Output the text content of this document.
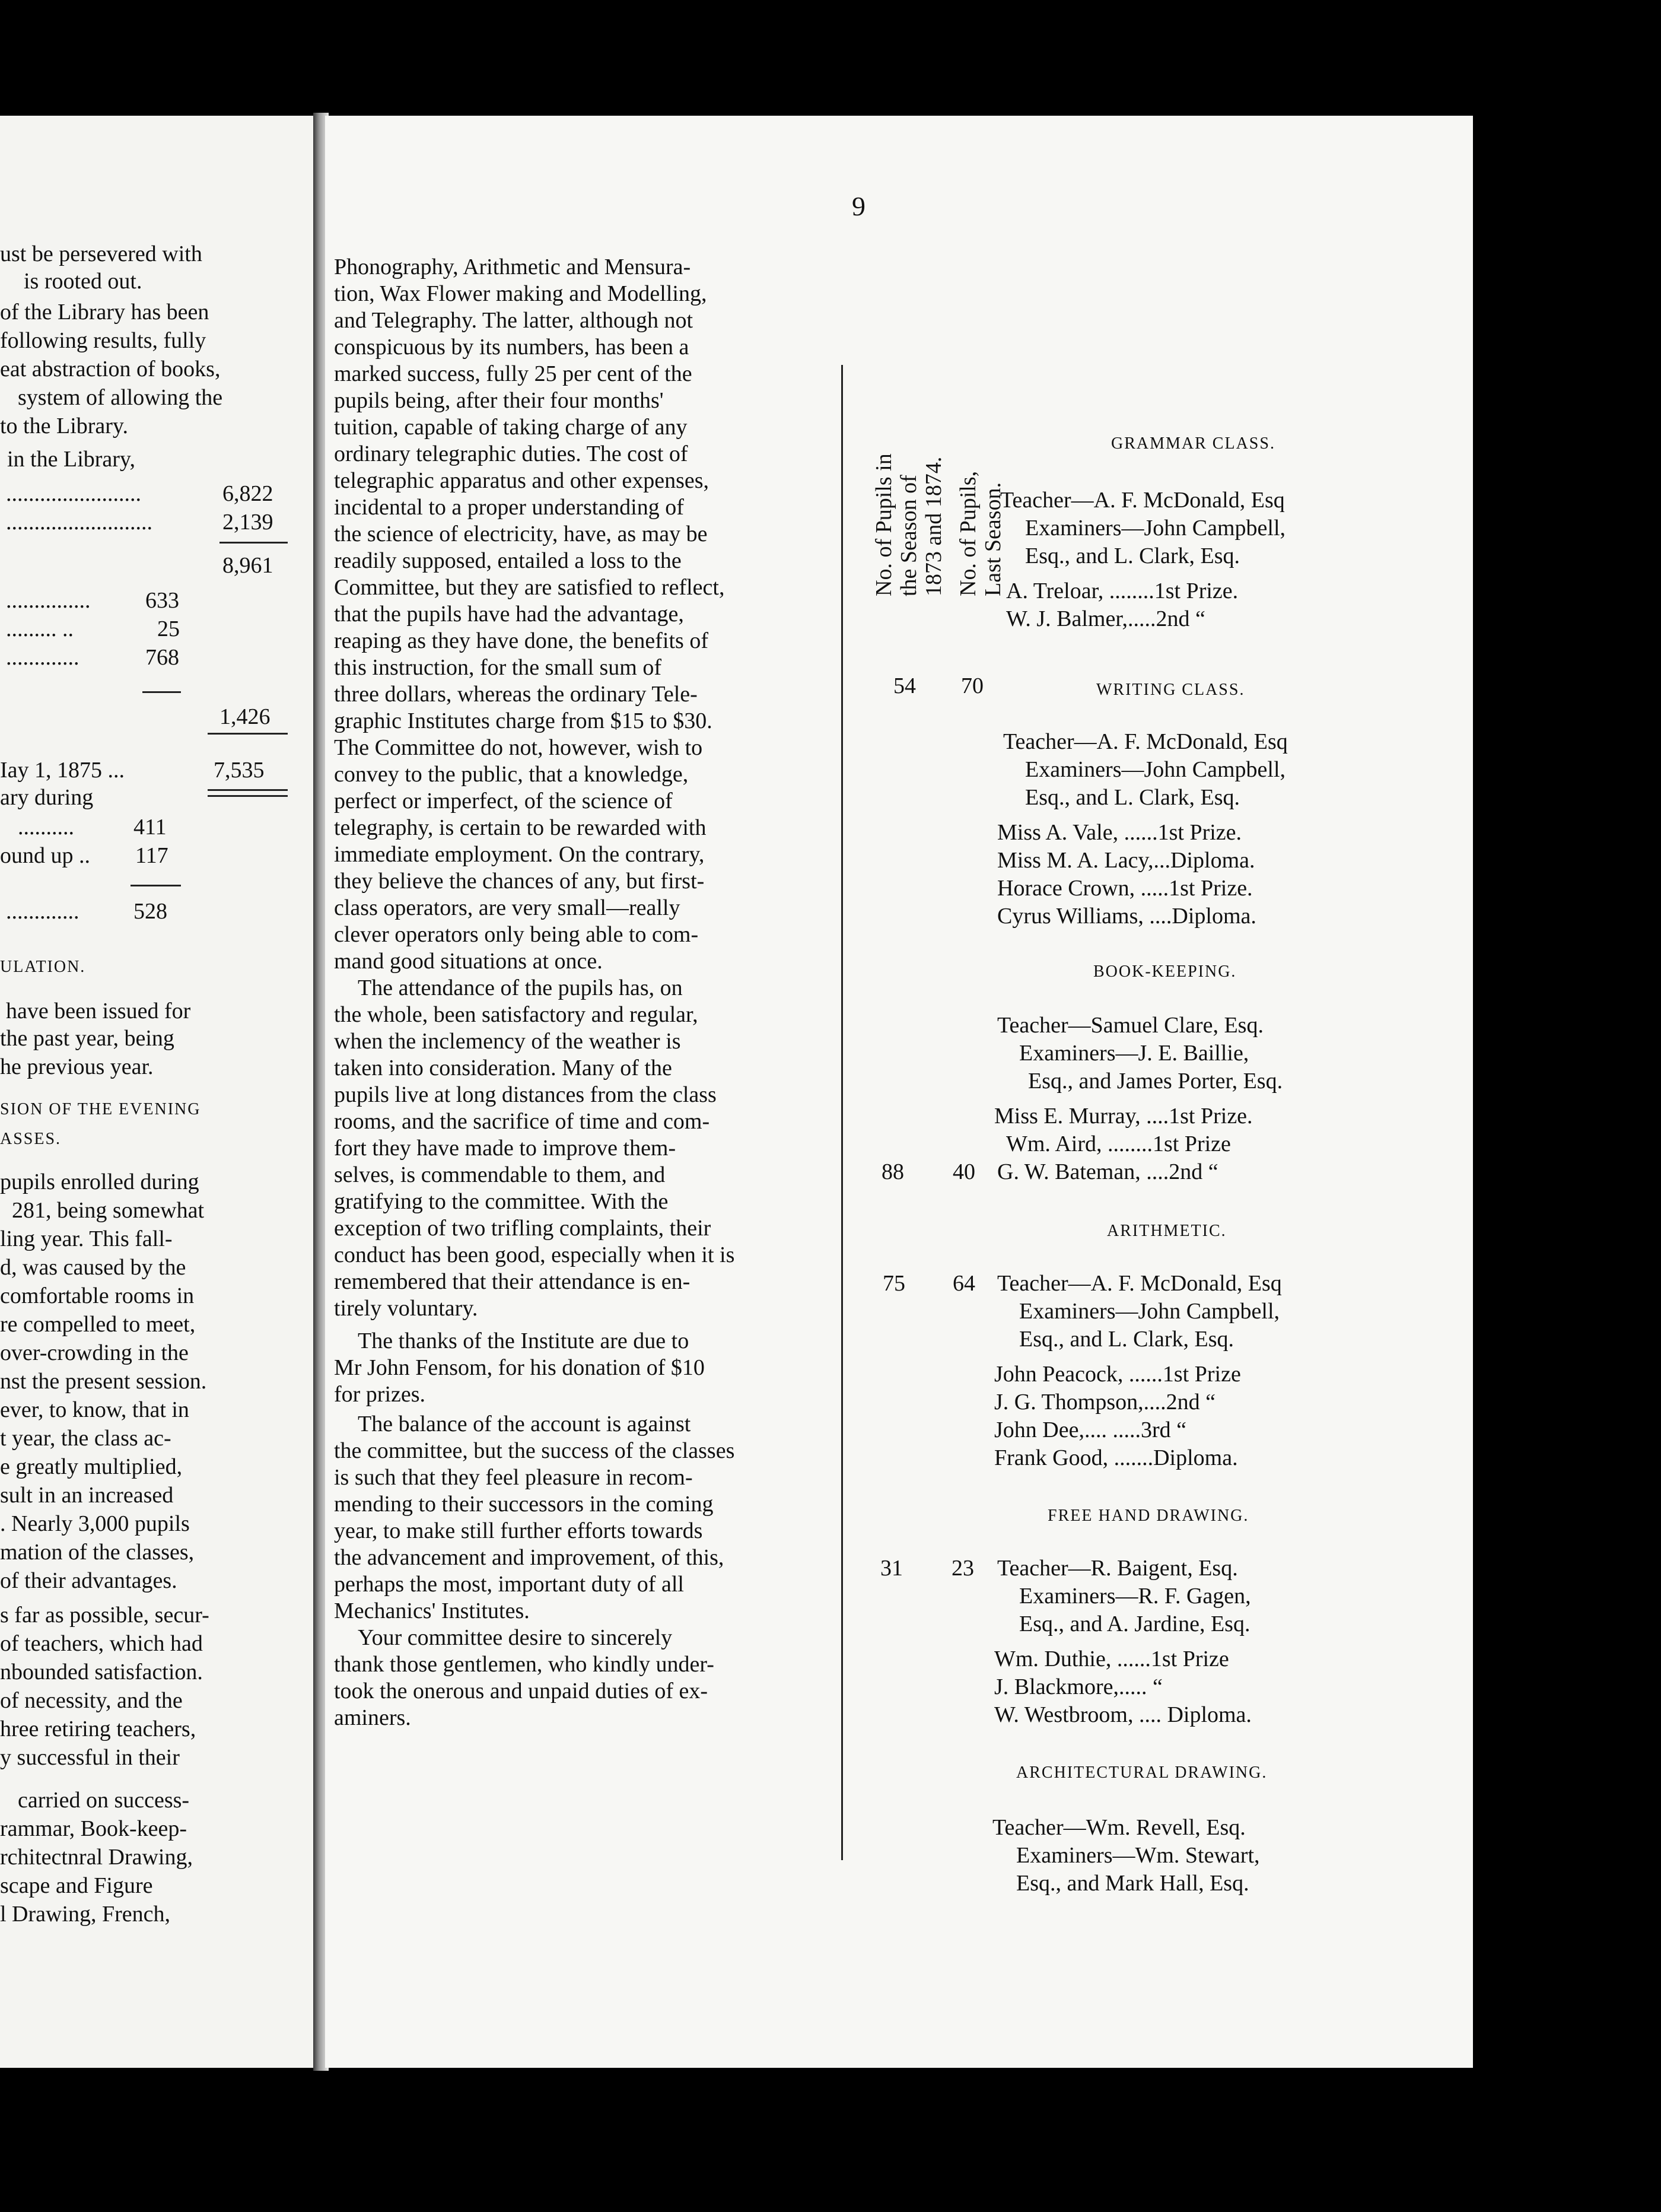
ust be persevered with
is rooted out.
of the Library has been
following results, fully
eat abstraction of books,
system of allowing the
to the Library.
in the Library,
........................	6,822
..........................	2,139
8,961
............... 633
......... ..	25
.............	768
1,426
Iay 1, 1875 ...	7,535
ary during
..........	411
ound up .. 117
............. 528
ULATION.
have been issued for
the past year, being
he previous year.
SION OF THE EVENING
ASSES.
pupils enrolled during
281, being somewhat
ling year. This fall-
d, was caused by the
comfortable rooms in
re compelled to meet,
over-crowding in the
nst the present session.
ever, to know, that in
t year, the class ac-
e greatly multiplied,
sult in an increased
. Nearly 3,000 pupils
mation of the classes,
of their advantages.
s far as possible, secur-
of teachers, which had
nbounded satisfaction.
of necessity, and the
hree retiring teachers,
y successful in their
carried on success-
rammar, Book-keep-
rchitectnral Drawing,
scape and Figure
l Drawing, French,
9
Phonography, Arithmetic and Mensura-
tion, Wax Flower making and Modelling,
and Telegraphy. The latter, although not
conspicuous by its numbers, has been a
marked success, fully 25 per cent of the
pupils being, after their four months'
tuition, capable of taking charge of any
ordinary telegraphic duties. The cost of
telegraphic apparatus and other expenses,
incidental to a proper understanding of
the science of electricity, have, as may be
readily supposed, entailed a loss to the
Committee, but they are satisfied to reflect,
that the pupils have had the advantage,
reaping as they have done, the benefits of
this instruction, for the small sum of
three dollars, whereas the ordinary Tele-
graphic Institutes charge from $15 to $30.
The Committee do not, however, wish to
convey to the public, that a knowledge,
perfect or imperfect, of the science of
telegraphy, is certain to be rewarded with
immediate employment. On the contrary,
they believe the chances of any, but first-
class operators, are very small—really
clever operators only being able to com-
mand good situations at once.
The attendance of the pupils has, on
the whole, been satisfactory and regular,
when the inclemency of the weather is
taken into consideration. Many of the
pupils live at long distances from the class
rooms, and the sacrifice of time and com-
fort they have made to improve them-
selves, is commendable to them, and
gratifying to the committee. With the
exception of two trifling complaints, their
conduct has been good, especially when it is
remembered that their attendance is en-
tirely voluntary.
The thanks of the Institute are due to
Mr John Fensom, for his donation of $10
for prizes.
The balance of the account is against
the committee, but the success of the classes
is such that they feel pleasure in recom-
mending to their successors in the coming
year, to make still further efforts towards
the advancement and improvement, of this,
perhaps the most, important duty of all
Mechanics' Institutes.
Your committee desire to sincerely
thank those gentlemen, who kindly under-
took the onerous and unpaid duties of ex-
aminers.
No. of Pupils in the Season of 1873 and 1874. No. of Pupils, Last Season.
GRAMMAR CLASS.
Teacher—A. F. McDonald, Esq
Examiners—John Campbell,
Esq., and L. Clark, Esq.
A. Treloar, ........1st Prize.
W. J. Balmer,.....2nd “
54 70	WRITING CLASS.
Teacher—A. F. McDonald, Esq
Examiners—John Campbell,
Esq., and L. Clark, Esq.
Miss A. Vale, ......1st Prize.
Miss M. A. Lacy,...Diploma.
Horace Crown, .....1st Prize.
Cyrus Williams, ....Diploma.
BOOK-KEEPING.
Teacher—Samuel Clare, Esq.
Examiners—J. E. Baillie,
Esq., and James Porter, Esq.
Miss E. Murray, ....1st Prize.
Wm. Aird, ........1st Prize
88 40 G. W. Bateman, ....2nd “
ARITHMETIC.
75 64 Teacher—A. F. McDonald, Esq
Examiners—John Campbell,
Esq., and L. Clark, Esq.
John Peacock, ......1st Prize
J. G. Thompson,....2nd “
John Dee,.... .....3rd “
Frank Good, .......Diploma.
FREE HAND DRAWING.
31 23 Teacher—R. Baigent, Esq.
Examiners—R. F. Gagen,
Esq., and A. Jardine, Esq.
Wm. Duthie, ......1st Prize
J. Blackmore,..... “
W. Westbroom, .... Diploma.
ARCHITECTURAL DRAWING.
Teacher—Wm. Revell, Esq.
Examiners—Wm. Stewart,
Esq., and Mark Hall, Esq.
